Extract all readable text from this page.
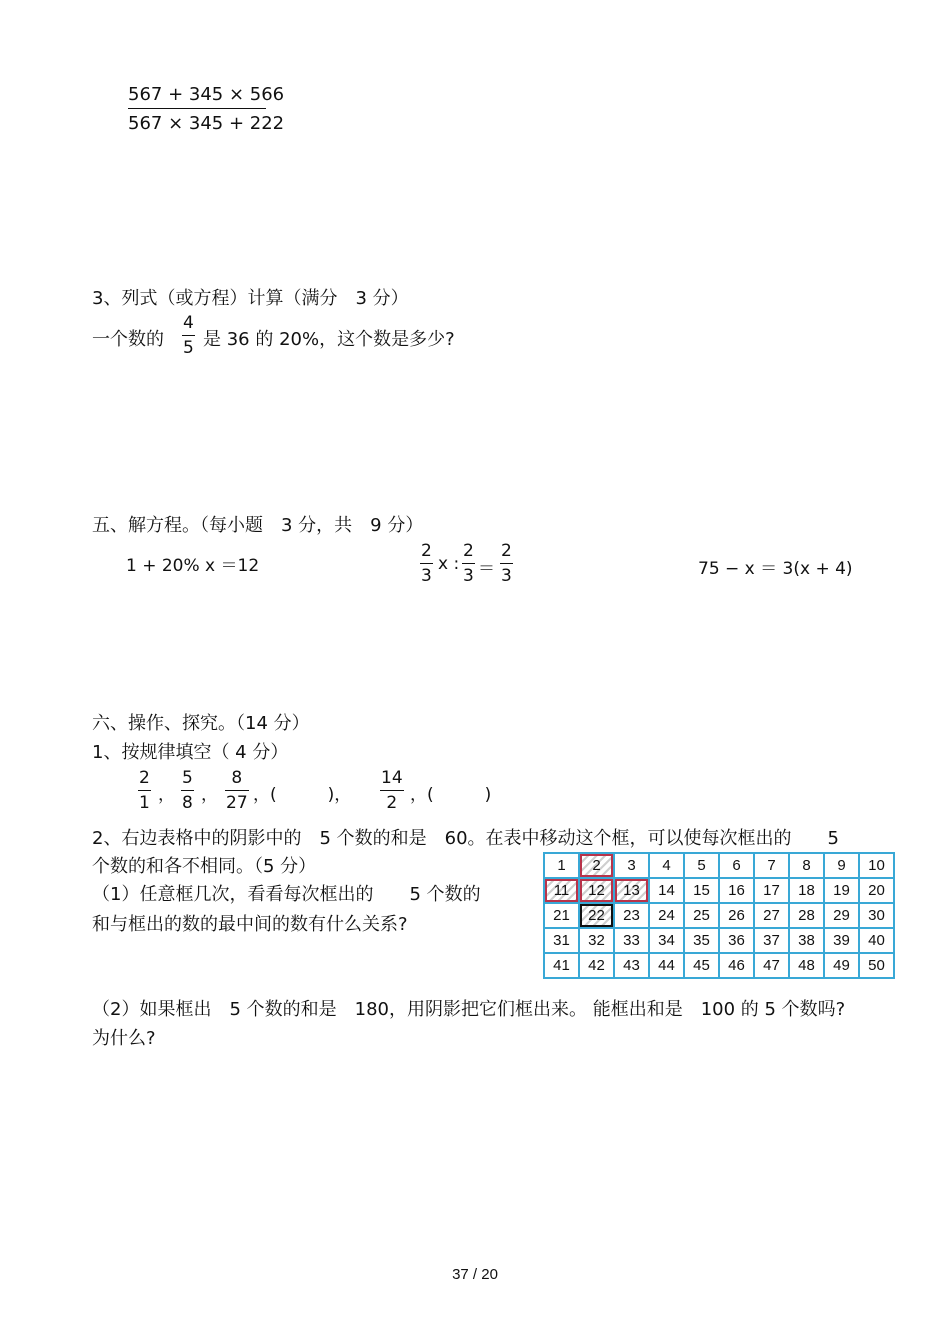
567 + 345 × 566
567 × 345 + 222
3、列式（或方程）计算（满分　3 分）
一个数的
4
5 是 36 的 20%，这个数是多少?
五、解方程。（每小题　3 分，共　9 分）
1 + 20% x ＝12
2
3
x :
2
3 ＝
2
3	75 − x ＝ 3(x + 4)
六、操作、探究。（14 分）
1、按规律填空（ 4 分）
2
1 ，
5
8 ，
8
27 ，(　　　)，
14
2 ，(　　　)
2、右边表格中的阴影中的　5 个数的和是　60。在表中移动这个框，可以使每次框出的　　5
个数的和各不相同。（5 分）
（1）任意框几次，看看每次框出的　　5 个数的
和与框出的数的最中间的数有什么关系?
1	2	3	4	5	6	7	8	9	10
11	12	13	14	15	16	17	18	19	20
21	22	23	24	25	26	27	28	29	30
31	32	33	34	35	36	37	38	39	40
41	42	43	44	45	46	47	48	49	50
（2）如果框出　5 个数的和是　180，用阴影把它们框出来。 能框出和是　100 的 5 个数吗?
为什么?
37 / 20
